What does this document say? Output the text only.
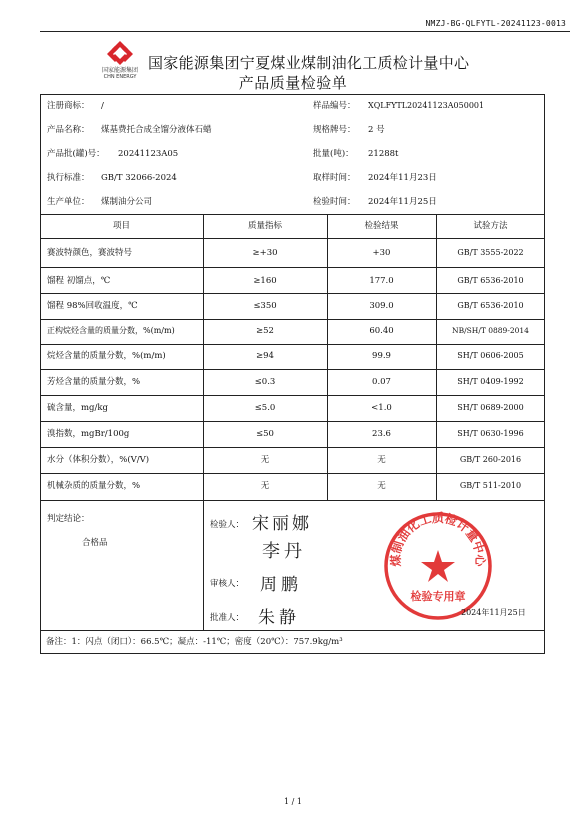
NMZJ-BG-QLFYTL-20241123-0013
国家能源集团
CHN ENERGY
国家能源集团宁夏煤业煤制油化工质检计量中心
产品质量检验单
注册商标： /	样品编号： XQLFYTL20241123A050001
产品名称： 煤基费托合成全馏分液体石蜡	规格牌号： 2 号
产品批(罐)号： 20241123A05	批量(吨)： 21288t
执行标准： GB/T 32066-2024	取样时间： 2024年11月23日
生产单位： 煤制油分公司	检验时间： 2024年11月25日
项目	质量指标	检验结果	试验方法
赛波特颜色，赛波特号	≥+30	+30	GB/T 3555-2022
馏程 初馏点，℃	≥160	177.0	GB/T 6536-2010
馏程 98%回收温度，℃	≤350	309.0	GB/T 6536-2010
正构烷烃含量的质量分数，%(m/m)	≥52	60.40	NB/SH/T 0889-2014
烷烃含量的质量分数，%(m/m)	≥94	99.9	SH/T 0606-2005
芳烃含量的质量分数，%	≤0.3	0.07	SH/T 0409-1992
硫含量，mg/kg	≤5.0	<1.0	SH/T 0689-2000
溴指数，mgBr/100g	≤50	23.6	SH/T 0630-1996
水分（体积分数），%(V/V)	无	无	GB/T 260-2016
机械杂质的质量分数，%	无	无	GB/T 511-2010
判定结论：
合格品
检验人： 宋丽娜
李丹
审核人： 周鹏
批准人： 朱静
煤制油化工质检计量中心
检验专用章
2024年11月25日
备注：1：闪点（闭口）：66.5℃；凝点：-11℃；密度（20℃）：757.9kg/m³
1 / 1
